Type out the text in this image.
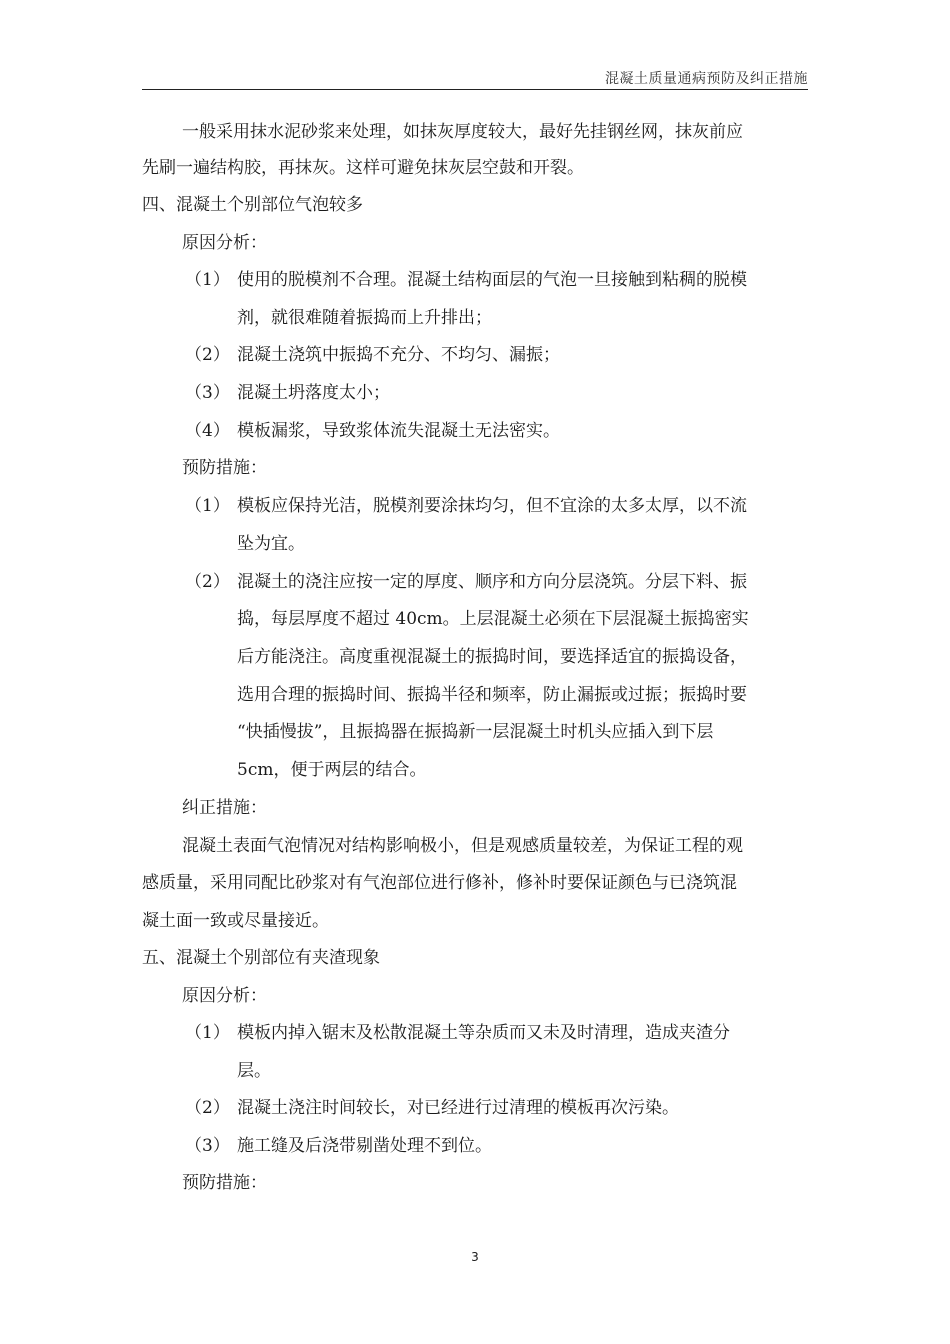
混凝土质量通病预防及纠正措施
一般采用抹水泥砂浆来处理，如抹灰厚度较大，最好先挂钢丝网，抹灰前应
先刷一遍结构胶，再抹灰。这样可避免抹灰层空鼓和开裂。
四、混凝土个别部位气泡较多
原因分析：
（1） 使用的脱模剂不合理。混凝土结构面层的气泡一旦接触到粘稠的脱模
剂，就很难随着振捣而上升排出；
（2） 混凝土浇筑中振捣不充分、不均匀、漏振；
（3） 混凝土坍落度太小；
（4） 模板漏浆，导致浆体流失混凝土无法密实。
预防措施：
（1） 模板应保持光洁，脱模剂要涂抹均匀，但不宜涂的太多太厚，以不流
坠为宜。
（2） 混凝土的浇注应按一定的厚度、顺序和方向分层浇筑。分层下料、振
捣，每层厚度不超过 40cm。上层混凝土必须在下层混凝土振捣密实
后方能浇注。高度重视混凝土的振捣时间，要选择适宜的振捣设备，
选用合理的振捣时间、振捣半径和频率，防止漏振或过振；振捣时要
“快插慢拔”，且振捣器在振捣新一层混凝土时机头应插入到下层
5cm，便于两层的结合。
纠正措施：
混凝土表面气泡情况对结构影响极小，但是观感质量较差，为保证工程的观
感质量，采用同配比砂浆对有气泡部位进行修补，修补时要保证颜色与已浇筑混
凝土面一致或尽量接近。
五、混凝土个别部位有夹渣现象
原因分析：
（1） 模板内掉入锯末及松散混凝土等杂质而又未及时清理，造成夹渣分
层。
（2） 混凝土浇注时间较长，对已经进行过清理的模板再次污染。
（3） 施工缝及后浇带剔凿处理不到位。
预防措施：
3
